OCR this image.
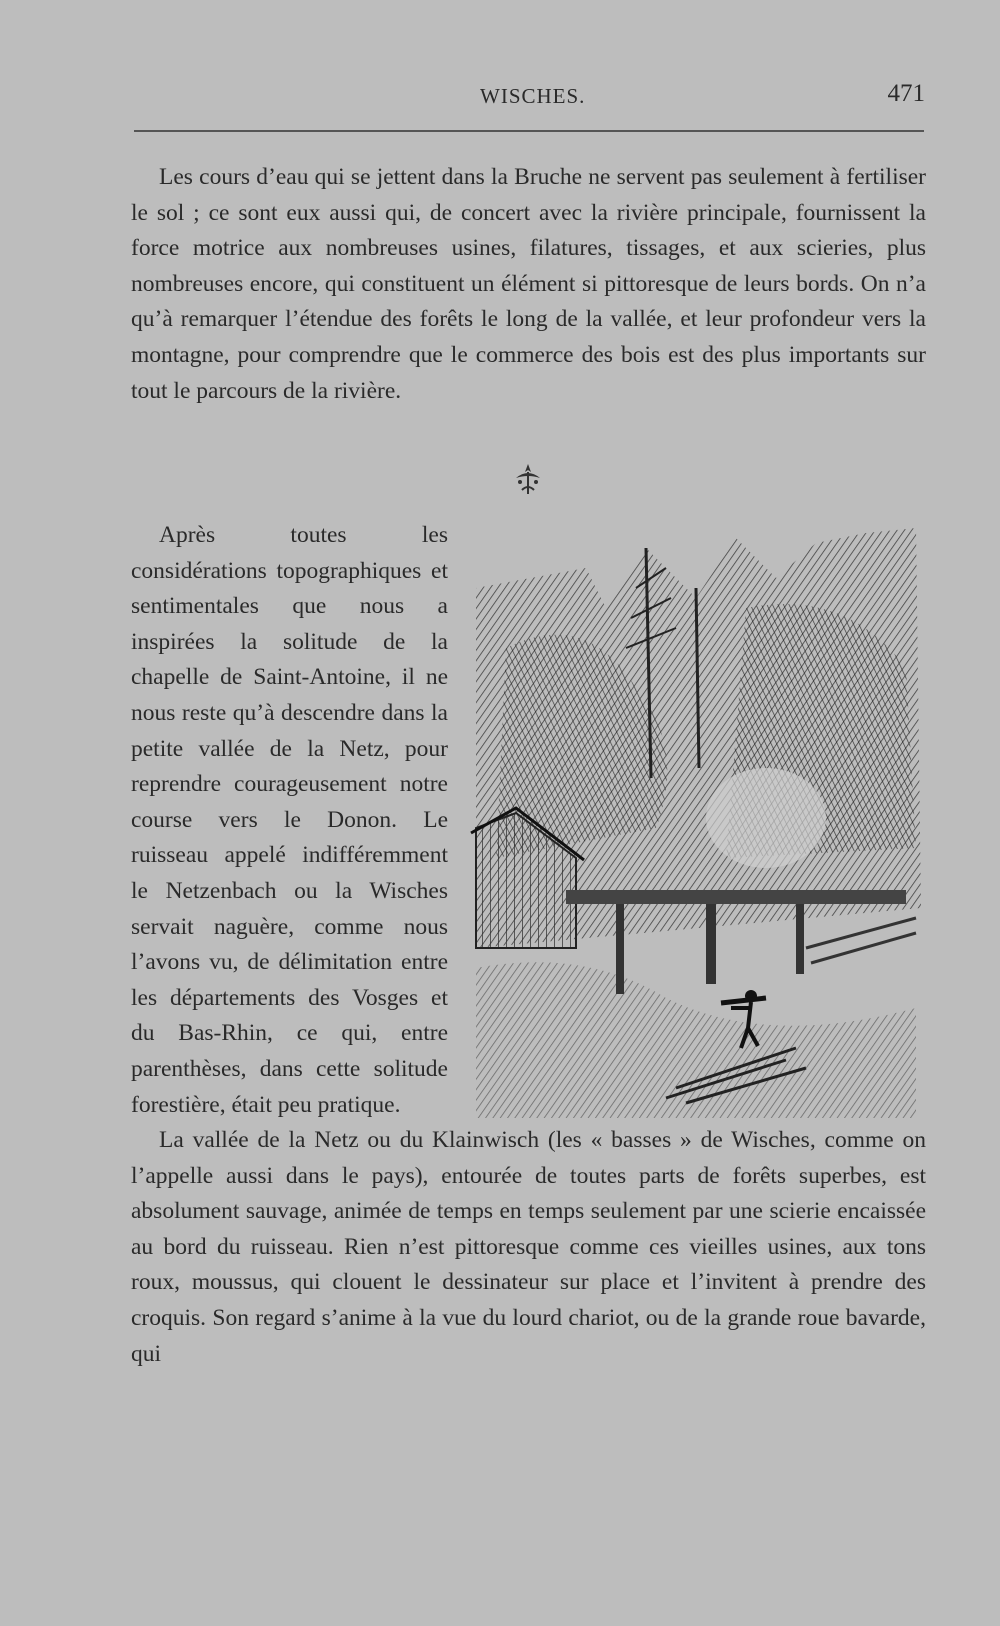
WISCHES.	471

Les cours d’eau qui se jettent dans la Bruche ne servent pas seulement à fertiliser le sol ; ce sont eux aussi qui, de concert avec la rivière principale, fournissent la force motrice aux nombreuses usines, filatures, tissages, et aux scieries, plus nombreuses encore, qui constituent un élément si pittoresque de leurs bords. On n’a qu’à remarquer l’étendue des forêts le long de la vallée, et leur profondeur vers la montagne, pour comprendre que le commerce des bois est des plus importants sur tout le parcours de la rivière.

Après toutes les considérations topographiques et sentimentales que nous a inspirées la solitude de la chapelle de Saint-Antoine, il ne nous reste qu’à descendre dans la petite vallée de la Netz, pour reprendre courageusement notre course vers le Donon. Le ruisseau appelé indifféremment le Netzenbach ou la Wisches servait naguère, comme nous l’avons vu, de délimitation entre les départements des Vosges et du Bas-Rhin, ce qui, entre parenthèses, dans cette solitude forestière, était peu pratique.

La vallée de la Netz ou du Klainwisch (les « basses » de Wisches, comme on l’appelle aussi dans le pays), entourée de toutes parts de forêts superbes, est absolument sauvage, animée de temps en temps seulement par une scierie encaissée au bord du ruisseau. Rien n’est pittoresque comme ces vieilles usines, aux tons roux, moussus, qui clouent le dessinateur sur place et l’invitent à prendre des croquis. Son regard s’anime à la vue du lourd chariot, ou de la grande roue bavarde, qui
